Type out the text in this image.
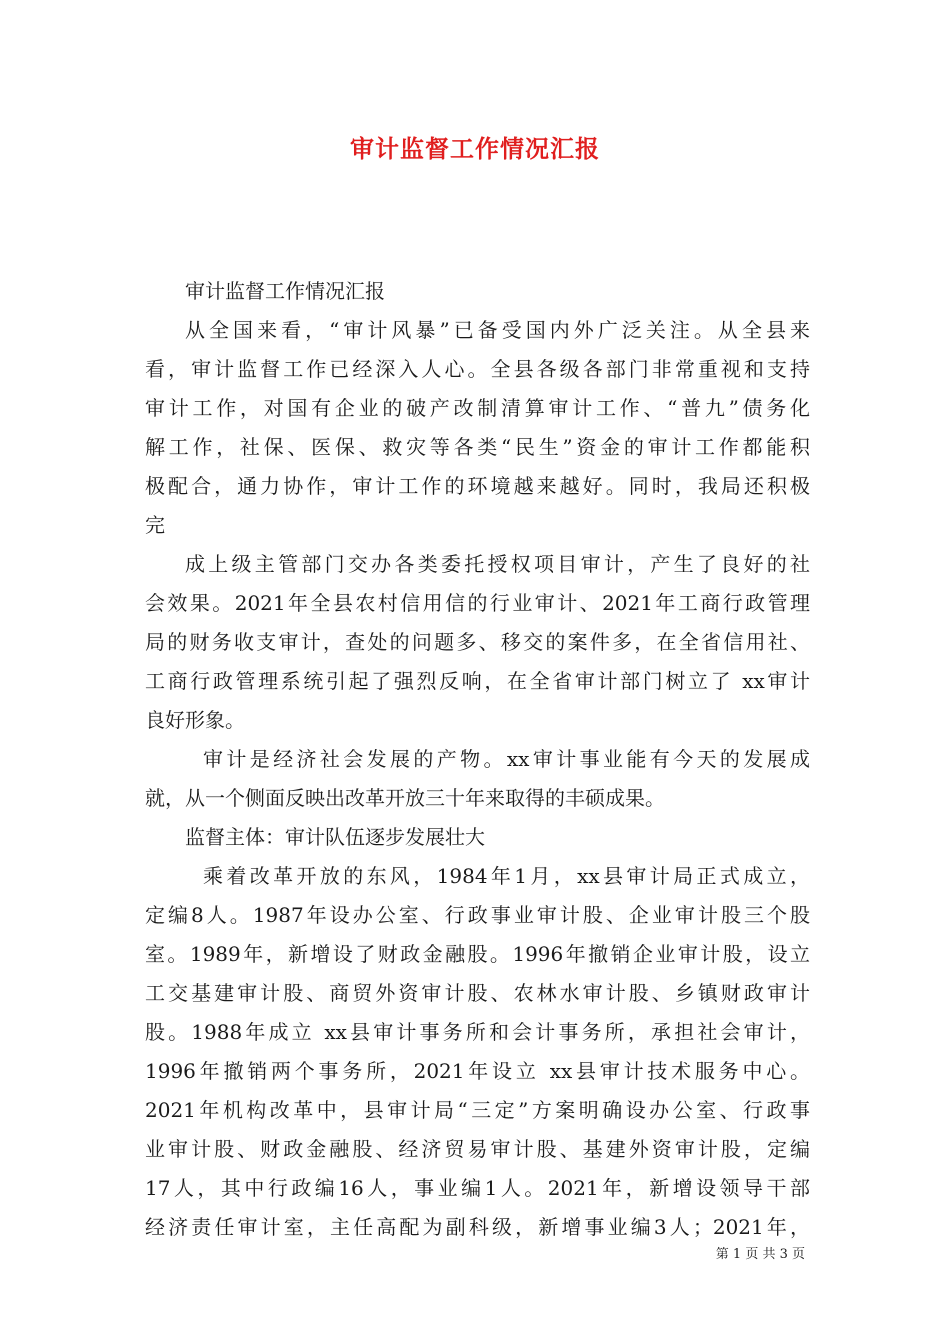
审计监督工作情况汇报
审计监督工作情况汇报
从全国来看，“审计风暴”已备受国内外广泛关注。从全县来
看，审计监督工作已经深入人心。全县各级各部门非常重视和支持
审计工作，对国有企业的破产改制清算审计工作、“普九”债务化
解工作，社保、医保、救灾等各类“民生”资金的审计工作都能积
极配合，通力协作，审计工作的环境越来越好。同时，我局还积极
完
成上级主管部门交办各类委托授权项目审计，产生了良好的社
会效果。2021年全县农村信用信的行业审计、2021年工商行政管理
局的财务收支审计，查处的问题多、移交的案件多，在全省信用社、
工商行政管理系统引起了强烈反响，在全省审计部门树立了 xx审计
良好形象。
审计是经济社会发展的产物。xx审计事业能有今天的发展成
就，从一个侧面反映出改革开放三十年来取得的丰硕成果。
监督主体：审计队伍逐步发展壮大
乘着改革开放的东风，1984年1月，xx县审计局正式成立，
定编8人。1987年设办公室、行政事业审计股、企业审计股三个股
室。1989年，新增设了财政金融股。1996年撤销企业审计股，设立
工交基建审计股、商贸外资审计股、农林水审计股、乡镇财政审计
股。1988年成立 xx县审计事务所和会计事务所，承担社会审计，
1996年撤销两个事务所，2021年设立 xx县审计技术服务中心。
2021年机构改革中，县审计局“三定”方案明确设办公室、行政事
业审计股、财政金融股、经济贸易审计股、基建外资审计股，定编
17人，其中行政编16人，事业编1人。2021年，新增设领导干部
经济责任审计室，主任高配为副科级，新增事业编3人；2021年，
第 1 页 共 3 页
